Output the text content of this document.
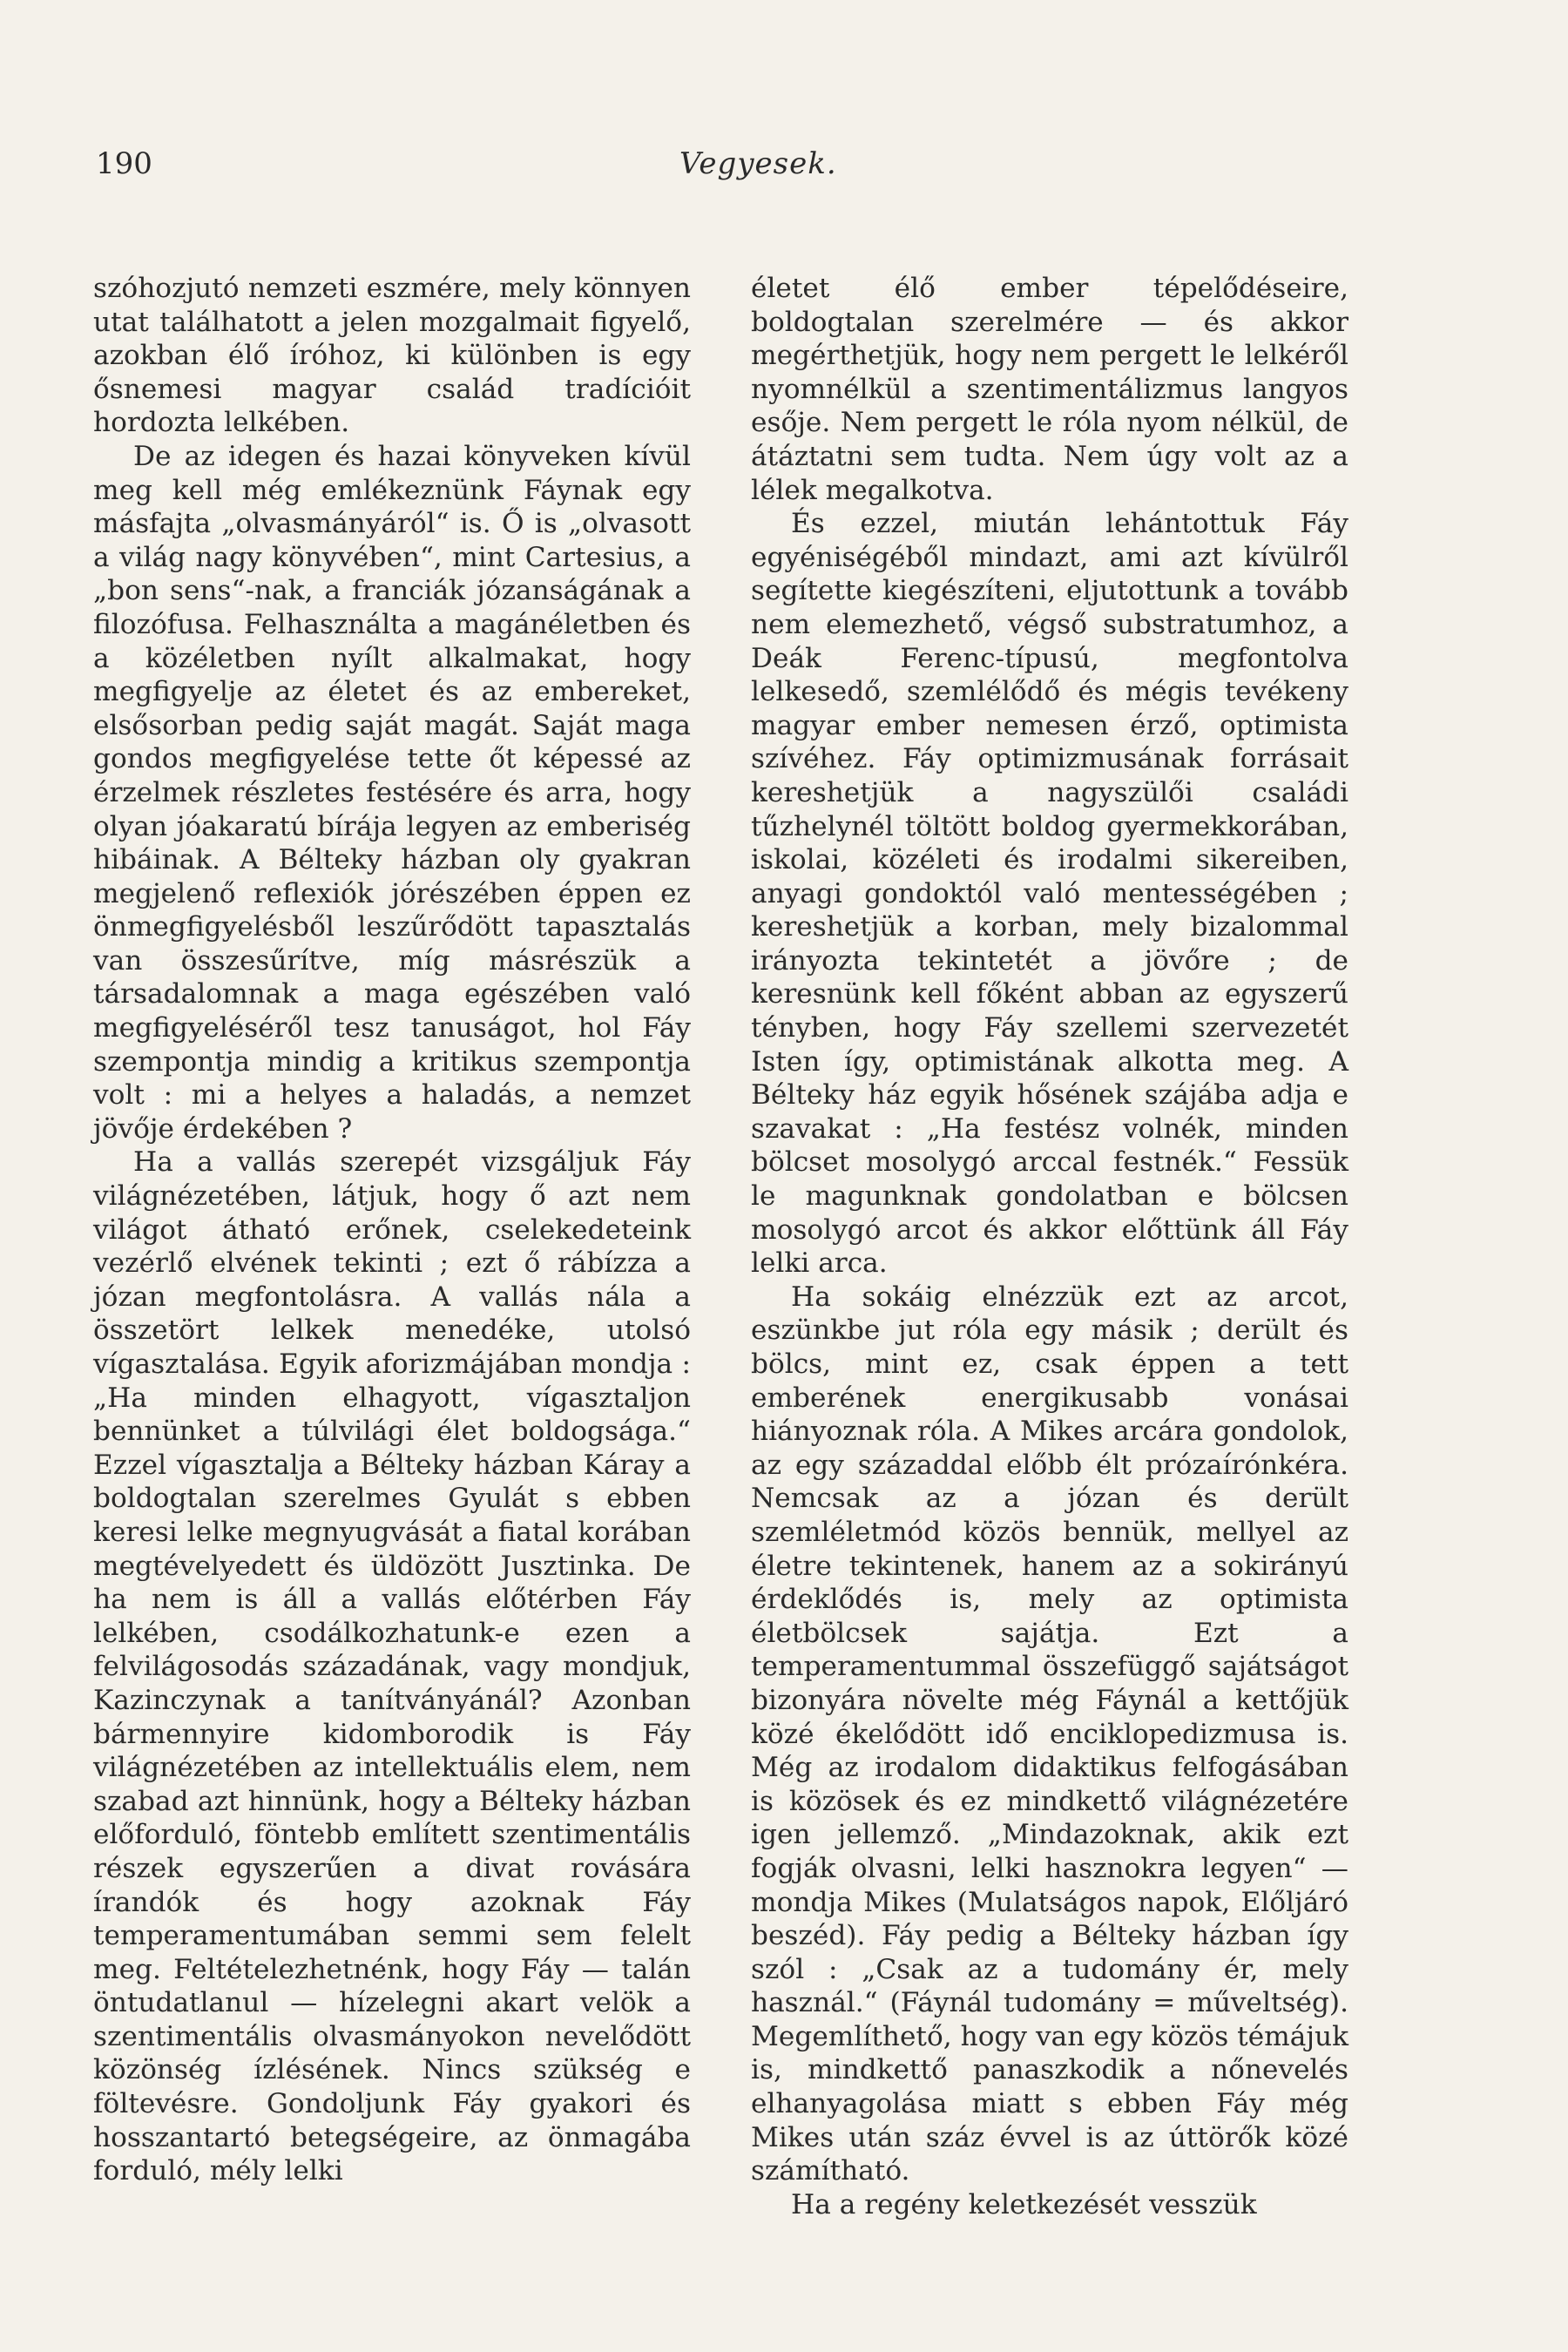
190	Vegyesek.

szóhozjutó nemzeti eszmére, mely könnyen utat találhatott a jelen mozgalmait figyelő, azokban élő íróhoz, ki különben is egy ősnemesi magyar család tradícióit hordozta lelkében.

De az idegen és hazai könyveken kívül meg kell még emlékeznünk Fáynak egy másfajta „olvasmányáról“ is. Ő is „olvasott a világ nagy könyvében“, mint Cartesius, a „bon sens“-nak, a franciák józanságának a filozófusa. Felhasználta a magánéletben és a közéletben nyílt alkalmakat, hogy megfigyelje az életet és az embereket, elsősorban pedig saját magát. Saját maga gondos megfigyelése tette őt képessé az érzelmek részletes festésére és arra, hogy olyan jóakaratú bírája legyen az emberiség hibáinak. A Bélteky házban oly gyakran megjelenő reflexiók jórészében éppen ez önmegfigyelésből leszűrődött tapasztalás van összesűrítve, míg másrészük a társadalomnak a maga egészében való megfigyeléséről tesz tanuságot, hol Fáy szempontja mindig a kritikus szempontja volt : mi a helyes a haladás, a nemzet jövője érdekében ?

Ha a vallás szerepét vizsgáljuk Fáy világnézetében, látjuk, hogy ő azt nem világot átható erőnek, cselekedeteink vezérlő elvének tekinti ; ezt ő rábízza a józan megfontolásra. A vallás nála a összetört lelkek menedéke, utolsó vígasztalása. Egyik aforizmájában mondja : „Ha minden elhagyott, vígasztaljon bennünket a túlvilági élet boldogsága.“ Ezzel vígasztalja a Bélteky házban Káray a boldogtalan szerelmes Gyulát s ebben keresi lelke megnyugvását a fiatal korában megtévelyedett és üldözött Jusztinka. De ha nem is áll a vallás előtérben Fáy lelkében, csodálkozhatunk-e ezen a felvilágosodás századának, vagy mondjuk, Kazinczynak a tanítványánál? Azonban bármennyire kidomborodik is Fáy világnézetében az intellektuális elem, nem szabad azt hinnünk, hogy a Bélteky házban előforduló, föntebb említett szentimentális részek egyszerűen a divat rovására írandók és hogy azoknak Fáy temperamentumában semmi sem felelt meg. Feltételezhetnénk, hogy Fáy — talán öntudatlanul — hízelegni akart velök a szentimentális olvasmányokon nevelődött közönség ízlésének. Nincs szükség e föltevésre. Gondoljunk Fáy gyakori és hosszantartó betegségeire, az önmagába forduló, mély lelki

életet élő ember tépelődéseire, boldogtalan szerelmére — és akkor megérthetjük, hogy nem pergett le lelkéről nyomnélkül a szentimentálizmus langyos esője. Nem pergett le róla nyom nélkül, de átáztatni sem tudta. Nem úgy volt az a lélek megalkotva.

És ezzel, miután lehántottuk Fáy egyéniségéből mindazt, ami azt kívülről segítette kiegészíteni, eljutottunk a tovább nem elemezhető, végső substratumhoz, a Deák Ferenc-típusú, megfontolva lelkesedő, szemlélődő és mégis tevékeny magyar ember nemesen érző, optimista szívéhez. Fáy optimizmusának forrásait kereshetjük a nagyszülői családi tűzhelynél töltött boldog gyermekkorában, iskolai, közéleti és irodalmi sikereiben, anyagi gondoktól való mentességében ; kereshetjük a korban, mely bizalommal irányozta tekintetét a jövőre ; de keresnünk kell főként abban az egyszerű tényben, hogy Fáy szellemi szervezetét Isten így, optimistának alkotta meg. A Bélteky ház egyik hősének szájába adja e szavakat : „Ha festész volnék, minden bölcset mosolygó arccal festnék.“ Fessük le magunknak gondolatban e bölcsen mosolygó arcot és akkor előttünk áll Fáy lelki arca.

Ha sokáig elnézzük ezt az arcot, eszünkbe jut róla egy másik ; derült és bölcs, mint ez, csak éppen a tett emberének energikusabb vonásai hiányoznak róla. A Mikes arcára gondolok, az egy századdal előbb élt prózaírónkéra. Nemcsak az a józan és derült szemléletmód közös bennük, mellyel az életre tekintenek, hanem az a sokirányú érdeklődés is, mely az optimista életbölcsek sajátja. Ezt a temperamentummal összefüggő sajátságot bizonyára növelte még Fáynál a kettőjük közé ékelődött idő enciklopedizmusa is. Még az irodalom didaktikus felfogásában is közösek és ez mindkettő világnézetére igen jellemző. „Mindazoknak, akik ezt fogják olvasni, lelki hasznokra legyen“ — mondja Mikes (Mulatságos napok, Előljáró beszéd). Fáy pedig a Bélteky házban így szól : „Csak az a tudomány ér, mely használ.“ (Fáynál tudomány = műveltség). Megemlíthető, hogy van egy közös témájuk is, mindkettő panaszkodik a nőnevelés elhanyagolása miatt s ebben Fáy még Mikes után száz évvel is az úttörők közé számítható.

Ha a regény keletkezését vesszük
